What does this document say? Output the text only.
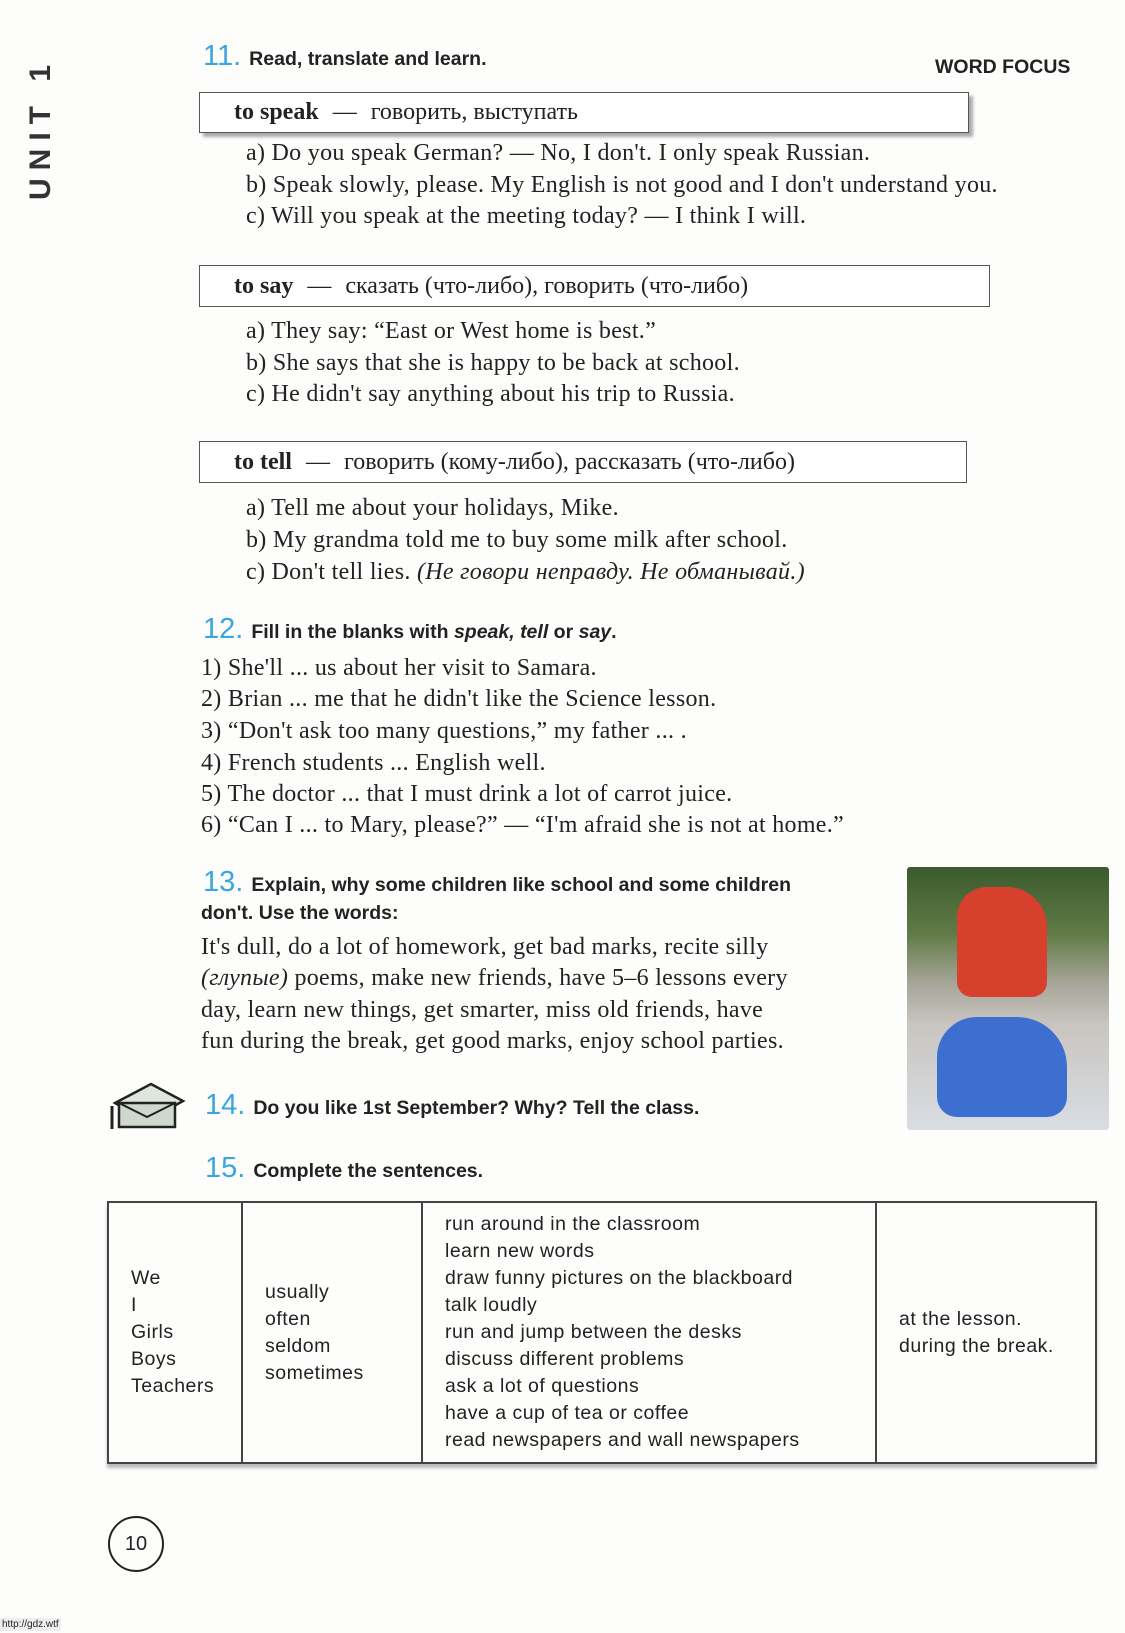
UNIT 1	WORD FOCUS
11. Read, translate and learn.
to speak — говорить, выступать
a) Do you speak German? — No, I don't. I only speak Russian.
b) Speak slowly, please. My English is not good and I don't understand you.
c) Will you speak at the meeting today? — I think I will.
to say — сказать (что-либо), говорить (что-либо)
a) They say: “East or West home is best.”
b) She says that she is happy to be back at school.
c) He didn't say anything about his trip to Russia.
to tell — говорить (кому-либо), рассказать (что-либо)
a) Tell me about your holidays, Mike.
b) My grandma told me to buy some milk after school.
c) Don't tell lies. (Не говори неправду. Не обманывай.)
12. Fill in the blanks with speak, tell or say.
1) She'll ... us about her visit to Samara.
2) Brian ... me that he didn't like the Science lesson.
3) “Don't ask too many questions,” my father ... .
4) French students ... English well.
5) The doctor ... that I must drink a lot of carrot juice.
6) “Can I ... to Mary, please?” — “I'm afraid she is not at home.”
13. Explain, why some children like school and some children
don't. Use the words:
It's dull, do a lot of homework, get bad marks, recite silly
(глупые) poems, make new friends, have 5–6 lessons every
day, learn new things, get smarter, miss old friends, have
fun during the break, get good marks, enjoy school parties.
14. Do you like 1st September? Why? Tell the class.
15. Complete the sentences.
We
I
Girls
Boys
Teachers

usually
often
seldom
sometimes

run around in the classroom
learn new words
draw funny pictures on the blackboard
talk loudly
run and jump between the desks
discuss different problems
ask a lot of questions
have a cup of tea or coffee
read newspapers and wall newspapers

at the lesson.
during the break.
10
http://gdz.wtf
